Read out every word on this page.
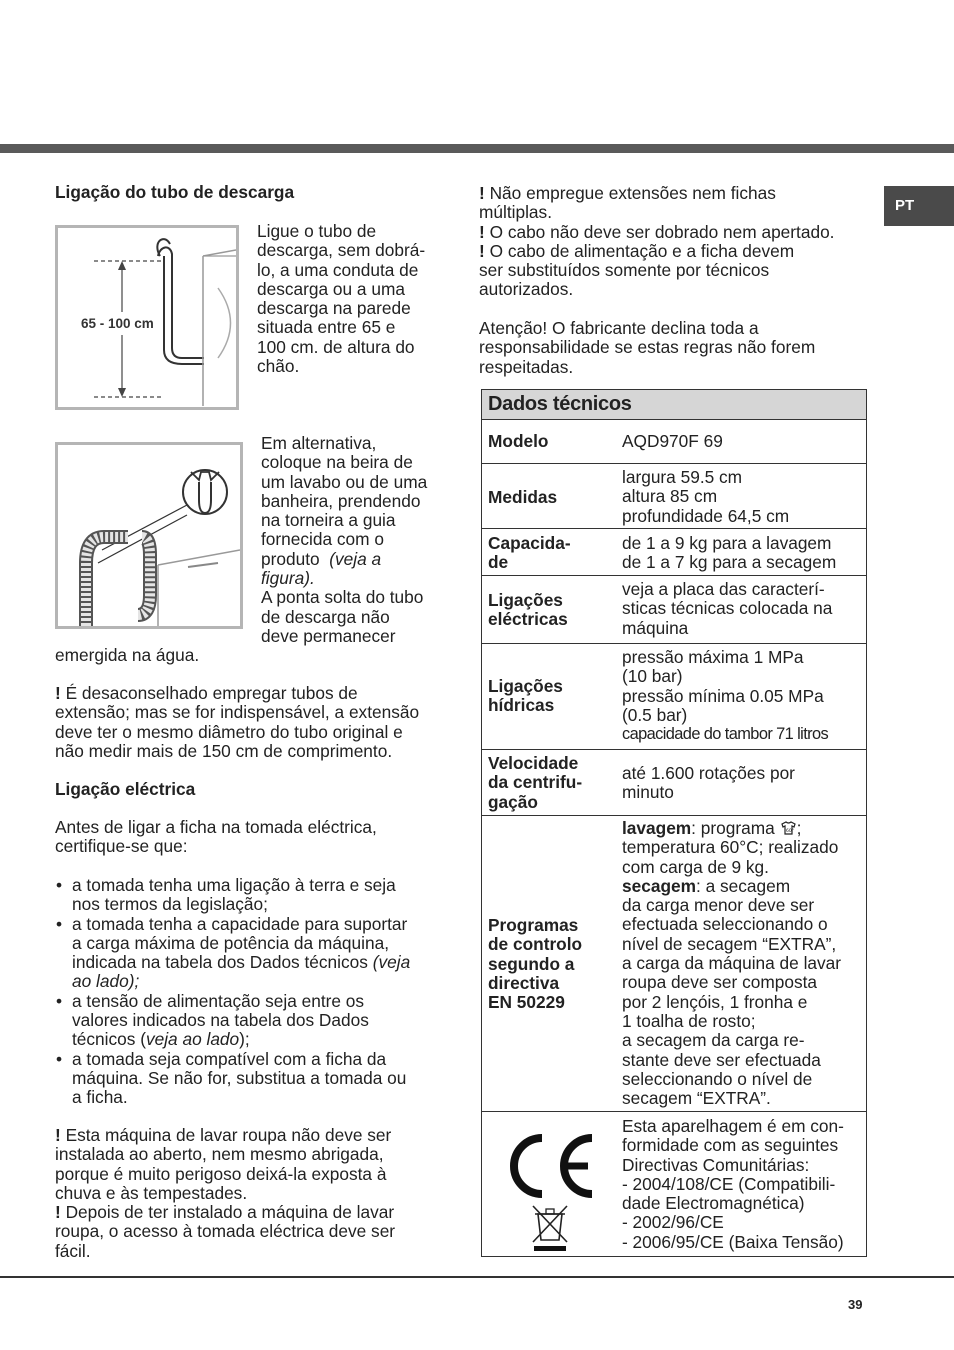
PT
Ligação do tubo de descarga
65 - 100 cm

Ligue o tubo de

descarga, sem dobrá-

lo, a uma conduta de

descarga ou a uma

descarga na parede

situada entre 65 e

100 cm. de altura do

chão.

Em alternativa,

coloque na beira de

um lavabo ou de uma

banheira, prendendo

na torneira a guia

fornecida com o

produto (veja a

figura).

A ponta solta do tubo

de descarga não

deve permanecer

emergida na água.

! É desaconselhado empregar tubos de

extensão; mas se for indispensável, a extensão

deve ter o mesmo diâmetro do tubo original e

não medir mais de 150 cm de comprimento.

Ligação eléctrica

Antes de ligar a ficha na tomada eléctrica,

certifique-se que:

• a tomada tenha uma ligação à terra e seja

nos termos da legislação;

• a tomada tenha a capacidade para suportar

a carga máxima de potência da máquina,

indicada na tabela dos Dados técnicos (veja

ao lado);

• a tensão de alimentação seja entre os

valores indicados na tabela dos Dados

técnicos (veja ao lado);

• a tomada seja compatível com a ficha da

máquina. Se não for, substitua a tomada ou

a ficha.

! Esta máquina de lavar roupa não deve ser

instalada ao aberto, nem mesmo abrigada,

porque é muito perigoso deixá-la exposta à

chuva e às tempestades.

! Depois de ter instalado a máquina de lavar

roupa, o acesso à tomada eléctrica deve ser

fácil.

! Não empregue extensões nem fichas

múltiplas.

! O cabo não deve ser dobrado nem apertado.

! O cabo de alimentação e a ficha devem

ser substituídos somente por técnicos

autorizados.

Atenção! O fabricante declina toda a

responsabilidade se estas regras não forem

respeitadas.

Dados técnicos
Modelo	AQD970F 69
Medidas

largura 59.5 cm

altura 85 cm

profundidade 64,5 cm

Capacida-

de

de 1 a 9 kg para a lavagem

de 1 a 7 kg para a secagem

Ligações

eléctricas

veja a placa das caracterí-

sticas técnicas colocada na

máquina

Ligações

hídricas

pressão máxima 1 MPa

(10 bar)

pressão mínima 0.05 MPa

(0.5 bar)

capacidade do tambor 71 litros

Velocidade

da centrifu-

gação

até 1.600 rotações por

minuto

Programas

de controlo

segundo a

directiva

EN 50229

lavagem: programa 60° ;

temperatura 60°C; realizado

com carga de 9 kg.

secagem: a secagem

da carga menor deve ser

efectuada seleccionando o

nível de secagem “EXTRA”,

a carga da máquina de lavar

roupa deve ser composta

por 2 lençóis, 1 fronha e

1 toalha de rosto;

a secagem da carga re-

stante deve ser efectuada

seleccionando o nível de

secagem “EXTRA”.

Esta aparelhagem é em con-

formidade com as seguintes

Directivas Comunitárias:

- 2004/108/CE (Compatibili-

dade Electromagnética)

- 2002/96/CE

- 2006/95/CE (Baixa Tensão)

39
